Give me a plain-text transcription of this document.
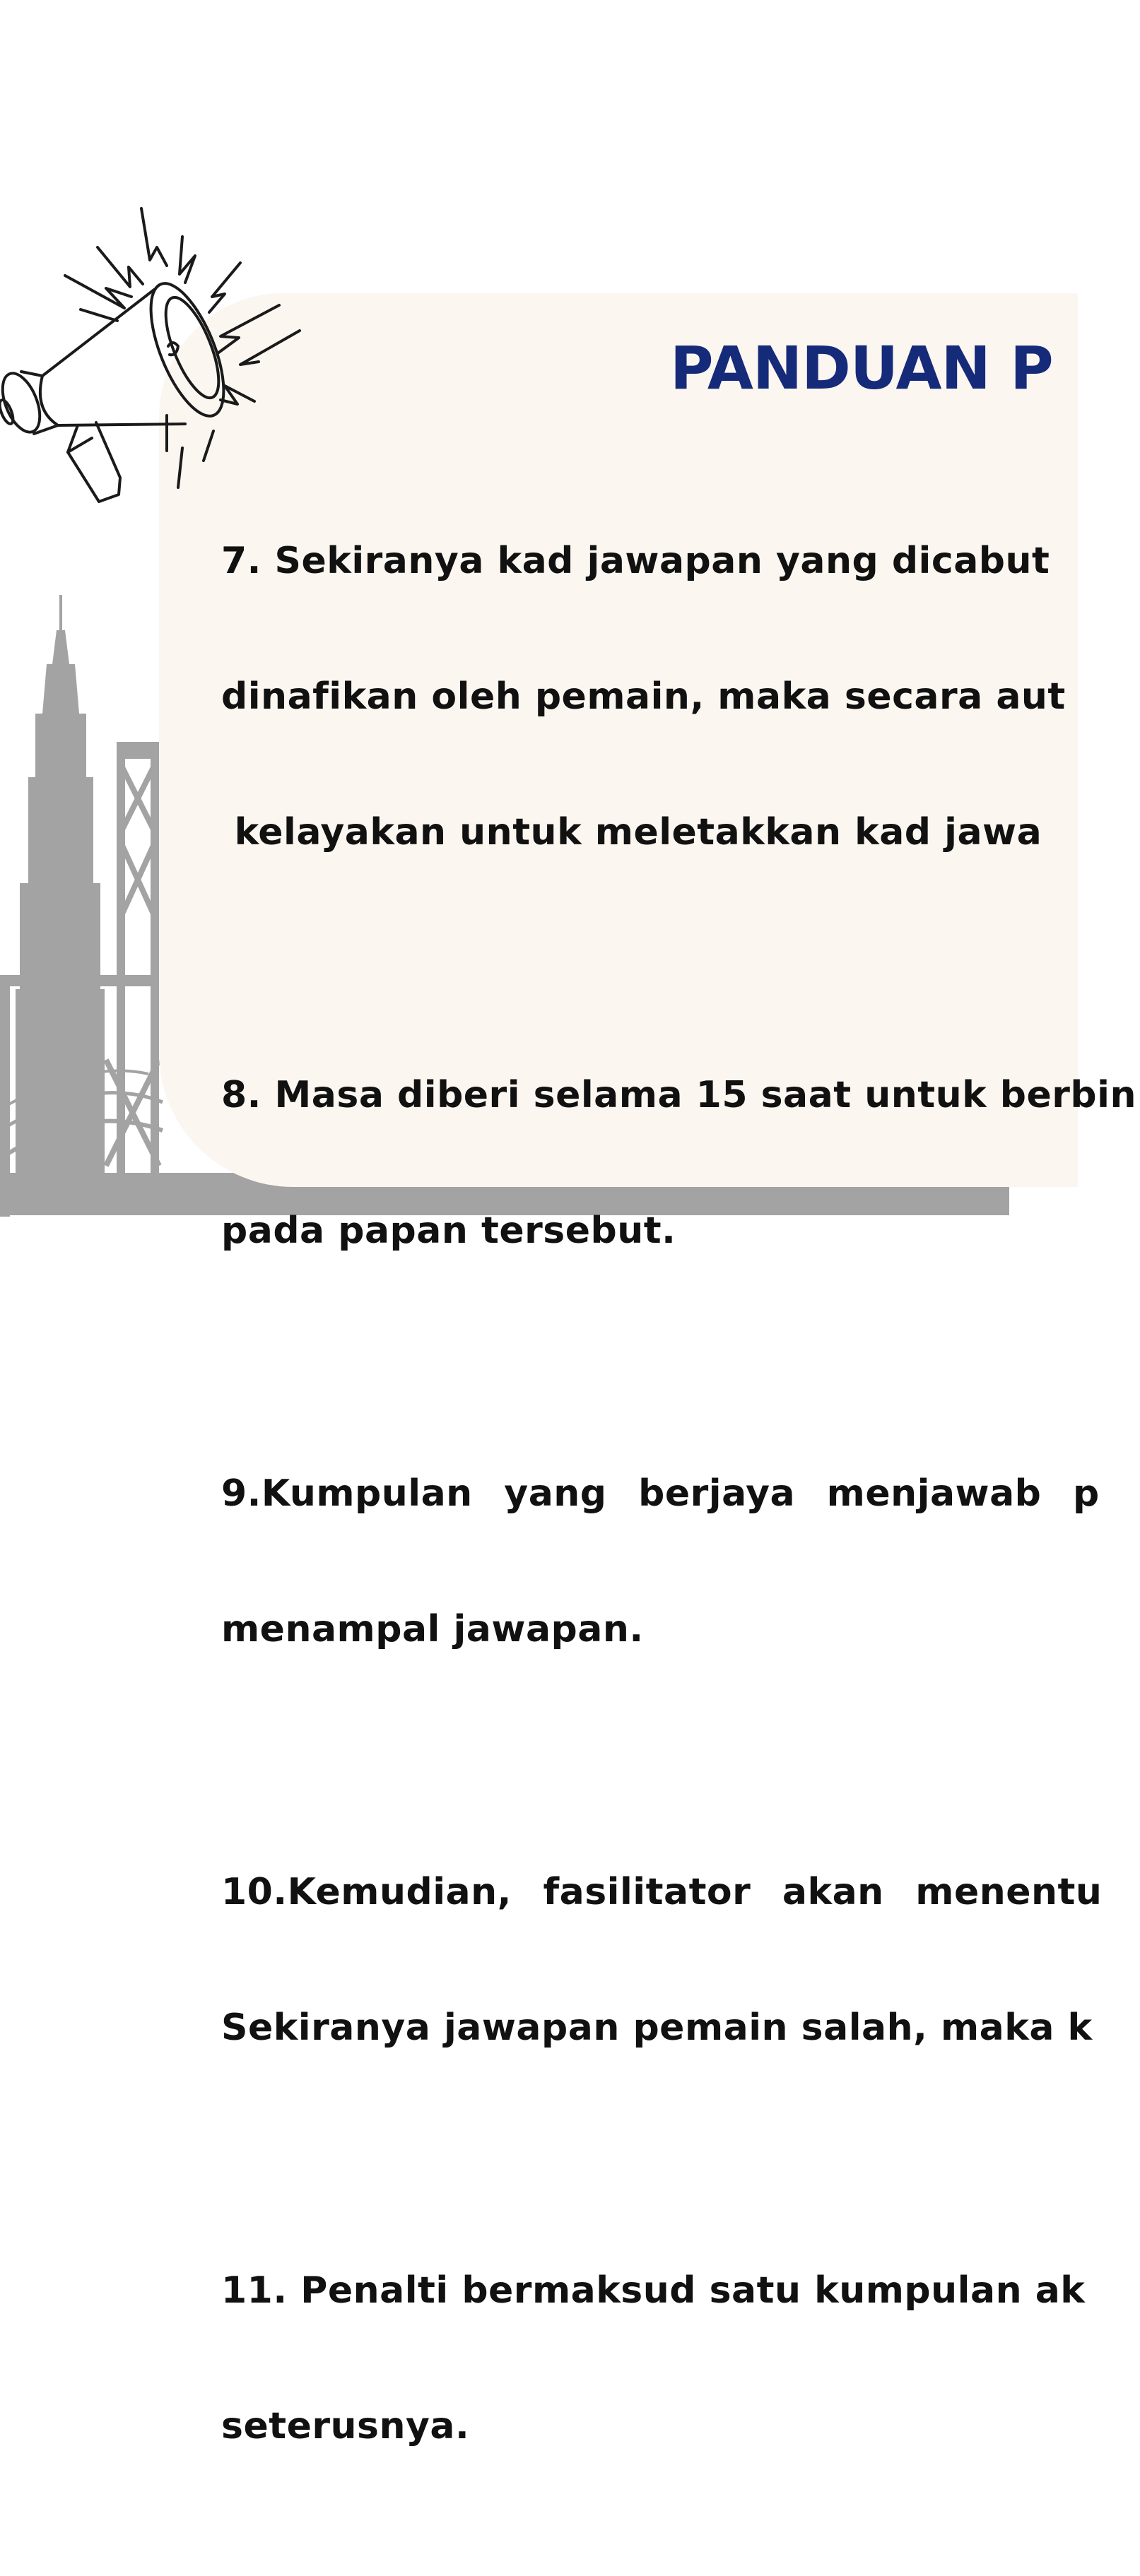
PANDUAN P

7. Sekiranya kad jawapan yang dicabut

dinafikan oleh pemain, maka secara aut

kelayakan untuk meletakkan kad jawa

8. Masa diberi selama 15 saat untuk berbin

pada papan tersebut.

9.Kumpulan yang berjaya menjawab p

menampal jawapan.

10.Kemudian, fasilitator akan menentu

Sekiranya jawapan pemain salah, maka k

11. Penalti bermaksud satu kumpulan ak

seterusnya.
